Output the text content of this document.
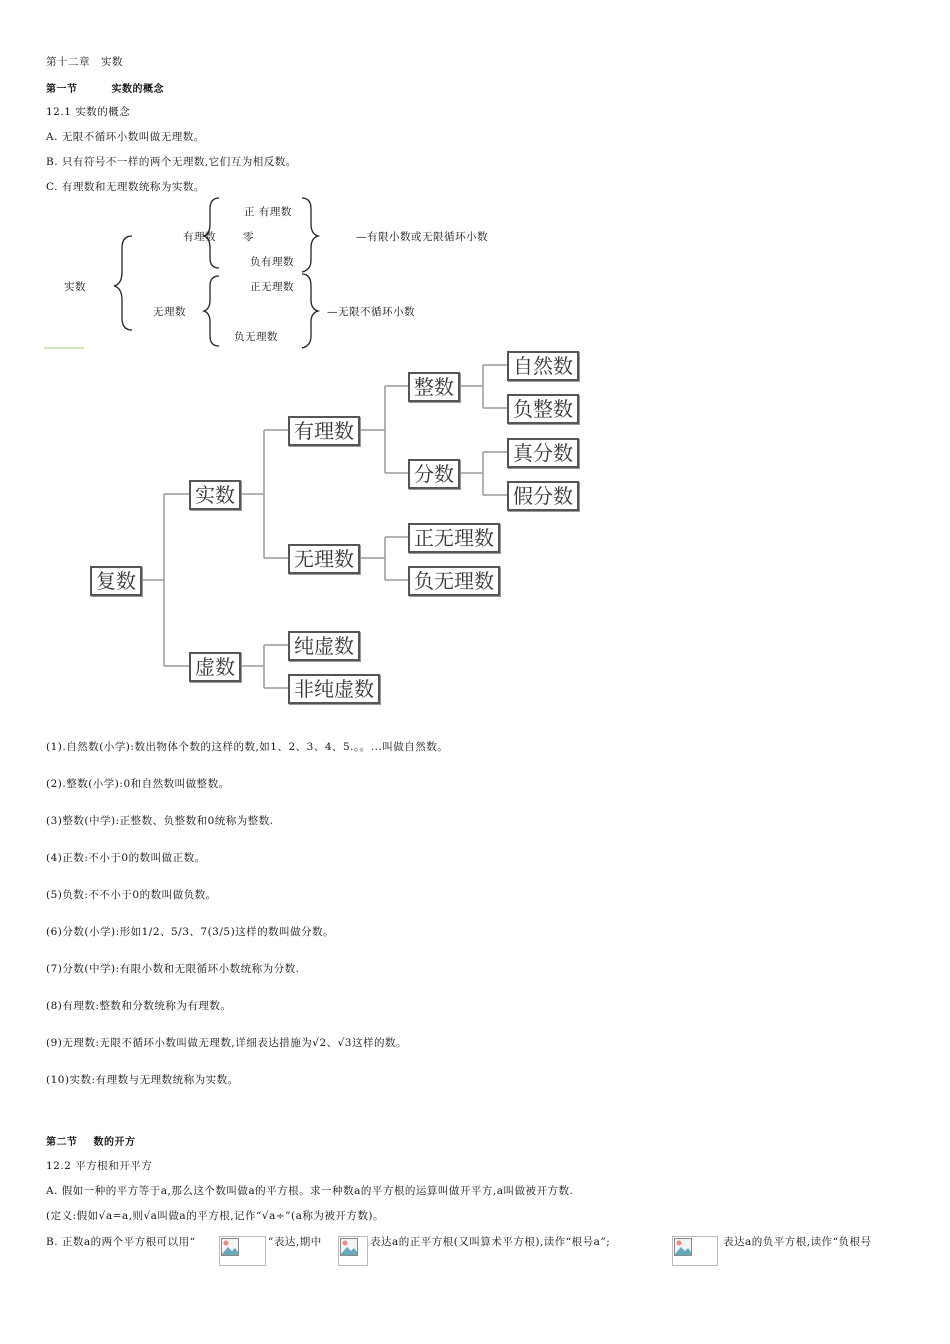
第十二章　实数
第一节	实数的概念
12.1 实数的概念
A. 无限不循环小数叫做无理数。
B. 只有符号不一样的两个无理数,它们互为相反数。
C. 有理数和无理数统称为实数。
实数
有理数
无理数
正 有理数
零
负有理数
正无理数
负无理数
—有限小数或无限循环小数
—无限不循环小数
复数
实数
虚数
有理数
无理数
整数
分数
自然数
负整数
真分数
假分数
正无理数
负无理数
纯虚数
非纯虚数
(1).自然数(小学):数出物体个数的这样的数,如1、2、3、4、5.。。...叫做自然数。
(2).整数(小学):0和自然数叫做整数。
(3)整数(中学):正整数、负整数和0统称为整数.
(4)正数:不小于0的数叫做正数。
(5)负数:不不小于0的数叫做负数。
(6)分数(小学):形如1/2、5/3、7(3/5)这样的数叫做分数。
(7)分数(中学):有限小数和无限循环小数统称为分数.
(8)有理数:整数和分数统称为有理数。
(9)无理数:无限不循环小数叫做无理数,详细表达措施为√2、√3这样的数。
(10)实数:有理数与无理数统称为实数。
第二节 数的开方
12.2 平方根和开平方
A. 假如一种的平方等于a,那么这个数叫做a的平方根。求一种数a的平方根的运算叫做开平方,a叫做被开方数.
(定义:假如√a=a,则√a叫做a的平方根,记作“√a÷”(a称为被开方数)。
B. 正数a的两个平方根可以用“	”表达,期中	表达a的正平方根(又叫算术平方根),读作“根号a”;	表达a的负平方根,读作“负根号
